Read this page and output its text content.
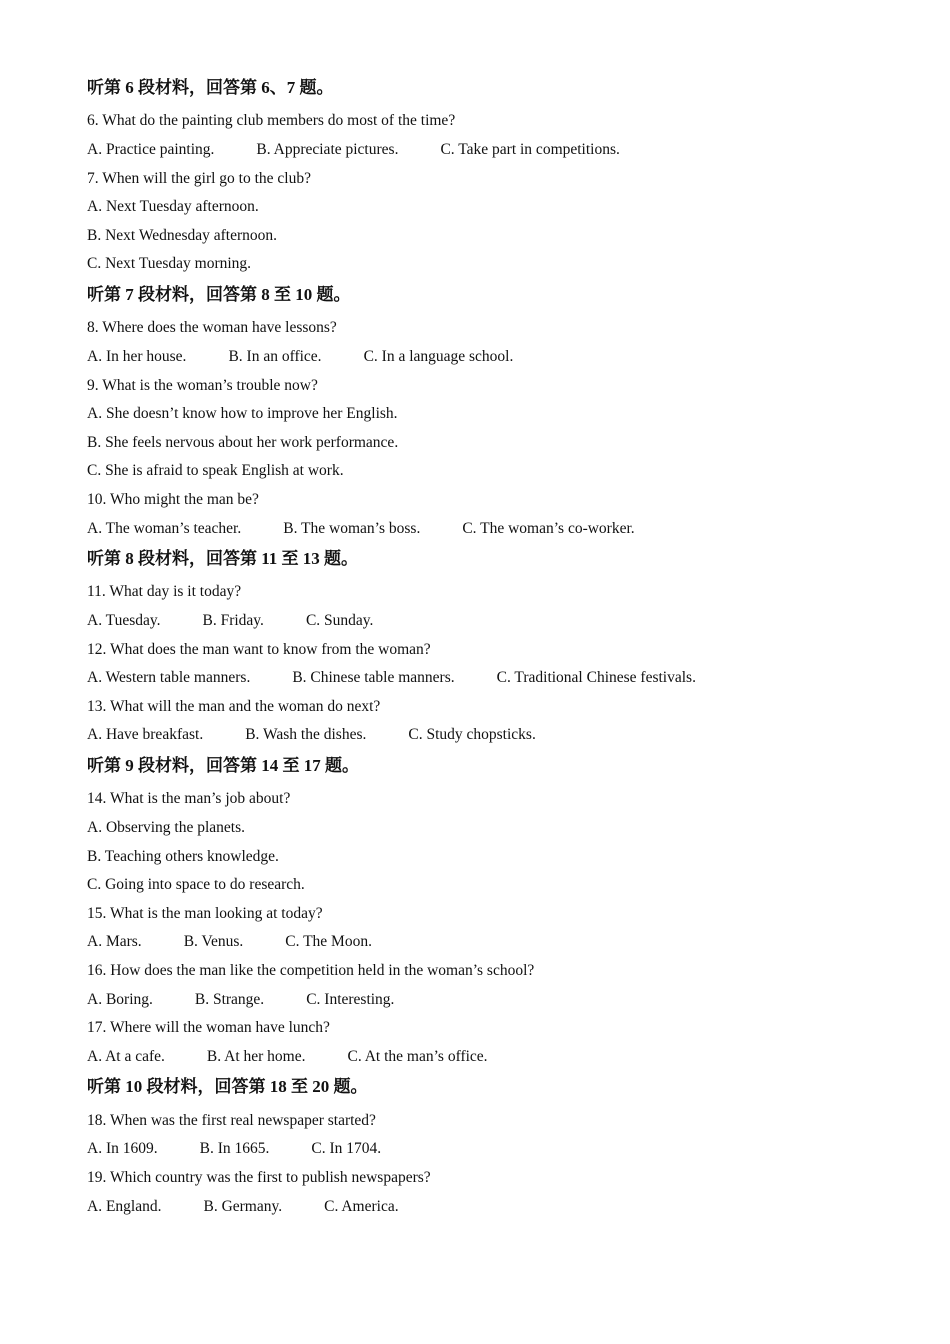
听第 6 段材料，回答第 6、7 题。
6. What do the painting club members do most of the time?
A. Practice painting.	B. Appreciate pictures.	C. Take part in competitions.
7. When will the girl go to the club?
A. Next Tuesday afternoon.
B. Next Wednesday afternoon.
C. Next Tuesday morning.
听第 7 段材料，回答第 8 至 10 题。
8. Where does the woman have lessons?
A. In her house.	B. In an office.	C. In a language school.
9. What is the woman’s trouble now?
A. She doesn’t know how to improve her English.
B. She feels nervous about her work performance.
C. She is afraid to speak English at work.
10. Who might the man be?
A. The woman’s teacher.	B. The woman’s boss.	C. The woman’s co-worker.
听第 8 段材料，回答第 11 至 13 题。
11. What day is it today?
A. Tuesday.	B. Friday.	C. Sunday.
12. What does the man want to know from the woman?
A. Western table manners.	B. Chinese table manners.	C. Traditional Chinese festivals.
13. What will the man and the woman do next?
A. Have breakfast.	B. Wash the dishes.	C. Study chopsticks.
听第 9 段材料，回答第 14 至 17 题。
14. What is the man’s job about?
A. Observing the planets.
B. Teaching others knowledge.
C. Going into space to do research.
15. What is the man looking at today?
A. Mars.	B. Venus.	C. The Moon.
16. How does the man like the competition held in the woman’s school?
A. Boring.	B. Strange.	C. Interesting.
17. Where will the woman have lunch?
A. At a cafe.	B. At her home.	C. At the man’s office.
听第 10 段材料，回答第 18 至 20 题。
18. When was the first real newspaper started?
A. In 1609.	B. In 1665.	C. In 1704.
19. Which country was the first to publish newspapers?
A. England.	B. Germany.	C. America.
